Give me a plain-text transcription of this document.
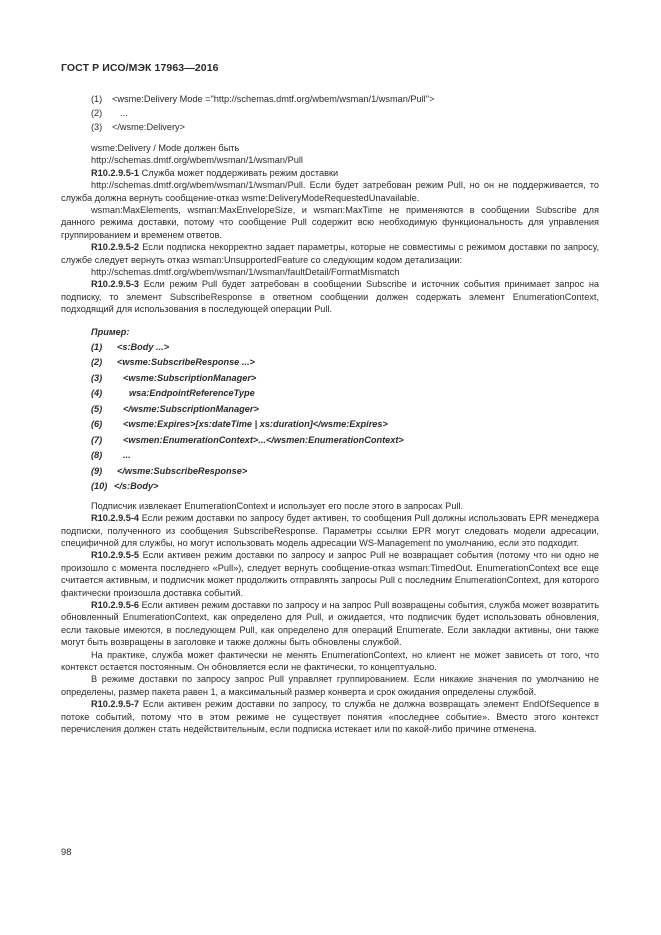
ГОСТ Р ИСО/МЭК 17963—2016
(1)	<wsme:Delivery Mode ="http://schemas.dmtf.org/wbem/wsman/1/wsman/Pull">
(2)	...
(3)	</wsme:Delivery>

wsme:Delivery / Mode должен быть

http://schemas.dmtf.org/wbem/wsman/1/wsman/Pull

R10.2.9.5-1 Служба может поддерживать режим доставки

http://schemas.dmtf.org/wbem/wsman/1/wsman/Pull. Если будет затребован режим Pull, но он не поддерживается, то служба должна вернуть сообщение-отказ wsme:DeliveryModeRequestedUnavailable.

wsman:MaxElements, wsman:MaxEnvelopeSize, и wsman:MaxTime не применяются в сообщении Subscribe для данного режима доставки, потому что сообщение Pull содержит всю необходимую функциональность для управления группированием и временем ответов.

R10.2.9.5-2 Если подписка некорректно задает параметры, которые не совместимы с режимом доставки по запросу, службе следует вернуть отказ wsman:UnsupportedFeature со следующим кодом детализации:

http://schemas.dmtf.org/wbem/wsman/1/wsman/faultDetail/FormatMismatch

R10.2.9.5-3 Если режим Pull будет затребован в сообщении Subscribe и источник события принимает запрос на подписку, то элемент SubscribeResponse в ответном сообщении должен содержать элемент EnumerationContext, подходящий для использования в последующей операции Pull.

Пример:
(1)	<s:Body ...>
(2)	<wsme:SubscribeResponse ...>
(3)	<wsme:SubscriptionManager>
(4)	wsa:EndpointReferenceType
(5)	</wsme:SubscriptionManager>
(6)	<wsme:Expires>[xs:dateTime | xs:duration]</wsme:Expires>
(7)	<wsmen:EnumerationContext>...</wsmen:EnumerationContext>
(8)	...
(9)	</wsme:SubscribeResponse>
(10) </s:Body>

Подписчик извлекает EnumerationContext и использует его после этого в запросах Pull.

R10.2.9.5-4 Если режим доставки по запросу будет активен, то сообщения Pull должны использовать EPR менеджера подписки, полученного из сообщения SubscribeResponse. Параметры ссылки EPR могут следовать модели адресации, специфичной для службы, но могут использовать модель адресации WS-Management по умолчанию, если это подходит.

R10.2.9.5-5 Если активен режим доставки по запросу и запрос Pull не возвращает события (потому что ни одно не произошло с момента последнего «Pull»), следует вернуть сообщение-отказ wsman:TimedOut. EnumerationContext все еще считается активным, и подписчик может продолжить отправлять запросы Pull с последним EnumerationContext, для которого фактически произошла доставка событий.

R10.2.9.5-6 Если активен режим доставки по запросу и на запрос Pull возвращены события, служба может возвратить обновленный EnumerationContext, как определено для Pull, и ожидается, что подписчик будет использовать обновления, если таковые имеются, в последующем Pull, как определено для операций Enumerate. Если закладки активны, они также могут быть возвращены в заголовке и также должны быть обновлены службой.

На практике, служба может фактически не менять EnumerationContext, но клиент не может зависеть от того, что контекст остается постоянным. Он обновляется если не фактически, то концептуально.

В режиме доставки по запросу запрос Pull управляет группированием. Если никакие значения по умолчанию не определены, размер пакета равен 1, а максимальный размер конверта и срок ожидания определены службой.

R10.2.9.5-7 Если активен режим доставки по запросу, то служба не должна возвращать элемент EndOfSequence в потоке событий, потому что в этом режиме не существует понятия «последнее событие». Вместо этого контекст перечисления должен стать недействительным, если подписка истекает или по какой-либо причине отменена.

98
